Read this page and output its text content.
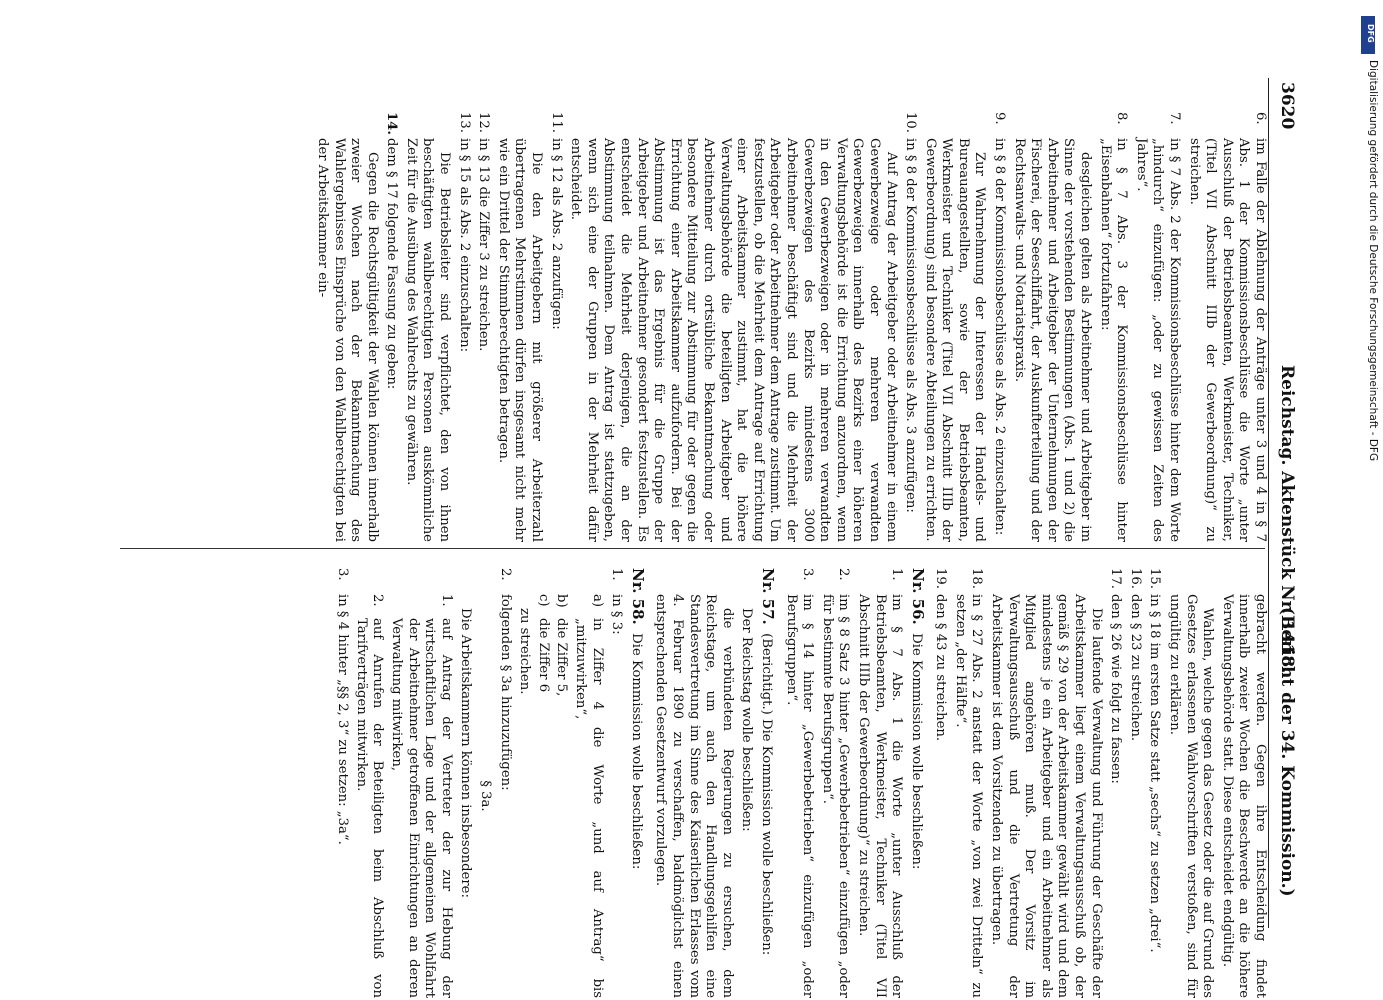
3620
Reichstag. Aktenstück Nr. 1418.
(Bericht der 34. Kommission.)
6.
im Falle der Ablehnung der Anträge unter 3 und 4 in § 7 Abs. 1 der Kommissionsbeschlüsse die Worte „unter Ausschluß der Betriebsbeamten, Werkmeister, Techniker, (Titel VII Abschnitt IIIb der Gewerbeordnung)“ zu streichen.
7.
in § 7 Abs. 2 der Kommissionsbeschlüsse hinter dem Worte „hindurch“ einzufügen: „oder zu gewissen Zeiten des Jahres“.
8.
in § 7 Abs. 3 der Kommissionsbeschlüsse hinter „Eisenbahnen“ fortzufahren:
desgleichen gelten als Arbeitnehmer und Arbeitgeber im Sinne der vorstehenden Bestimmungen (Abs. 1 und 2) die Arbeitnehmer und Arbeitgeber der Unternehmungen der Fischerei, der Seeschiffahrt, der Auskunfterteilung und der Rechtsanwalts- und Notariatspraxis.
9.
in § 8 der Kommissionsbeschlüsse als Abs. 2 einzuschalten:
Zur Wahrnehmung der Interessen der Handels- und Bureauangestellten, sowie der Betriebsbeamten, Werkmeister und Techniker (Titel VII Abschnitt IIIb der Gewerbeordnung) sind besondere Abteilungen zu errichten.
10.
in § 8 der Kommissionsbeschlüsse als Abs. 3 anzufügen:
Auf Antrag der Arbeitgeber oder Arbeitnehmer in einem Gewerbezweige oder mehreren verwandten Gewerbezweigen innerhalb des Bezirks einer höheren Verwaltungsbehörde ist die Errichtung anzuordnen, wenn in den Gewerbezweigen oder in mehreren verwandten Gewerbezweigen des Bezirks mindestens 3000 Arbeitnehmer beschäftigt sind und die Mehrheit der Arbeitgeber oder Arbeitnehmer dem Antrage zustimmt. Um festzustellen, ob die Mehrheit dem Antrage auf Errichtung einer Arbeitskammer zustimmt, hat die höhere Verwaltungsbehörde die beteiligten Arbeitgeber und Arbeitnehmer durch ortsübliche Bekanntmachung oder besondere Mitteilung zur Abstimmung für oder gegen die Errichtung einer Arbeitskammer aufzufordern. Bei der Abstimmung ist das Ergebnis für die Gruppe der Arbeitgeber und Arbeitnehmer gesondert festzustellen. Es entscheidet die Mehrheit derjenigen, die an der Abstimmung teilnahmen. Dem Antrag ist stattzugeben, wenn sich eine der Gruppen in der Mehrheit dafür entscheidet.
11.
in § 12 als Abs. 2 anzufügen:
Die den Arbeitgebern mit größerer Arbeiterzahl übertragenen Mehrstimmen dürfen insgesamt nicht mehr wie ein Drittel der Stimmberechtigten betragen.
12.
in § 13 die Ziffer 3 zu streichen.
13.
in § 15 als Abs. 2 einzuschalten:
Die Betriebsleiter sind verpflichtet, den von ihnen beschäftigten wahlberechtigten Personen auskömmliche Zeit für die Ausübung des Wahlrechts zu gewähren.
14.
dem § 17 folgende Fassung zu geben:
Gegen die Rechtsgültigkeit der Wahlen können innerhalb zweier Wochen nach der Bekanntmachung des Wahlergebnisses Einsprüche von den Wahlberechtigten bei der Arbeitskammer ein-
gebracht werden. Gegen ihre Entscheidung findet innerhalb zweier Wochen die Beschwerde an die höhere Verwaltungsbehörde statt. Diese entscheidet endgültig.
Wahlen, welche gegen das Gesetz oder die auf Grund des Gesetzes erlassenen Wahlvorschriften verstoßen, sind für ungültig zu erklären.
15.
in § 18 im ersten Satze statt „sechs“ zu setzen „drei“.
16.
den § 23 zu streichen.
17.
den § 26 wie folgt zu fassen:
Die laufende Verwaltung und Führung der Geschäfte der Arbeitskammer liegt einem Verwaltungsausschuß ob, der gemäß § 29 von der Arbeitskammer gewählt wird und dem mindestens je ein Arbeitgeber und ein Arbeitnehmer als Mitglied angehören muß. Der Vorsitz im Verwaltungsausschuß und die Vertretung der Arbeitskammer ist dem Vorsitzenden zu übertragen.
18.
in § 27 Abs. 2 anstatt der Worte „von zwei Dritteln“ zu setzen „der Hälfte“.
19.
den § 43 zu streichen.
Nr. 56.  Die Kommission wolle beschließen:
1.
im § 7 Abs. 1 die Worte „unter Ausschluß der Betriebsbeamten, Werkmeister, Techniker (Titel VII Abschnitt IIIb der Gewerbeordnung)“ zu streichen.
2.
im § 8 Satz 3 hinter „Gewerbebetrieben“ einzufügen „oder für bestimmte Berufsgruppen“.
3.
im § 14 hinter „Gewerbebetrieben“ einzufügen „oder Berufsgruppen“.
Nr. 57.  (Berichtigt.) Die Kommission wolle beschließen:
Der Reichstag wolle beschließen:
die verbündeten Regierungen zu ersuchen, dem Reichstage, um auch den Handlungsgehilfen eine Standesvertretung im Sinne des Kaiserlichen Erlasses vom 4. Februar 1890 zu verschaffen, baldmöglichst einen entsprechenden Gesetzentwurf vorzulegen.
Nr. 58.  Die Kommission wolle beschließen:
1.
in § 3:
a)
in Ziffer 4 die Worte „und auf Antrag“ bis „mitzuwirken“,
b)
die Ziffer 5,
c)
die Ziffer 6
zu streichen.
2.
folgenden § 3a hinzuzufügen:
§ 3a.
Die Arbeitskammern können insbesondere:
1.
auf Antrag der Vertreter der zur Hebung der wirtschaftlichen Lage und der allgemeinen Wohlfahrt der Arbeitnehmer getroffenen Einrichtungen an deren Verwaltung mitwirken,
2.
auf Anrufen der Beteiligten beim Abschluß von Tarifverträgen mitwirken.
3.
in § 4 hinter „§§ 2, 3“ zu setzen: „3a“.
DFG
Digitalisierung gefördert durch die Deutsche Forschungsgemeinschaft - DFG
